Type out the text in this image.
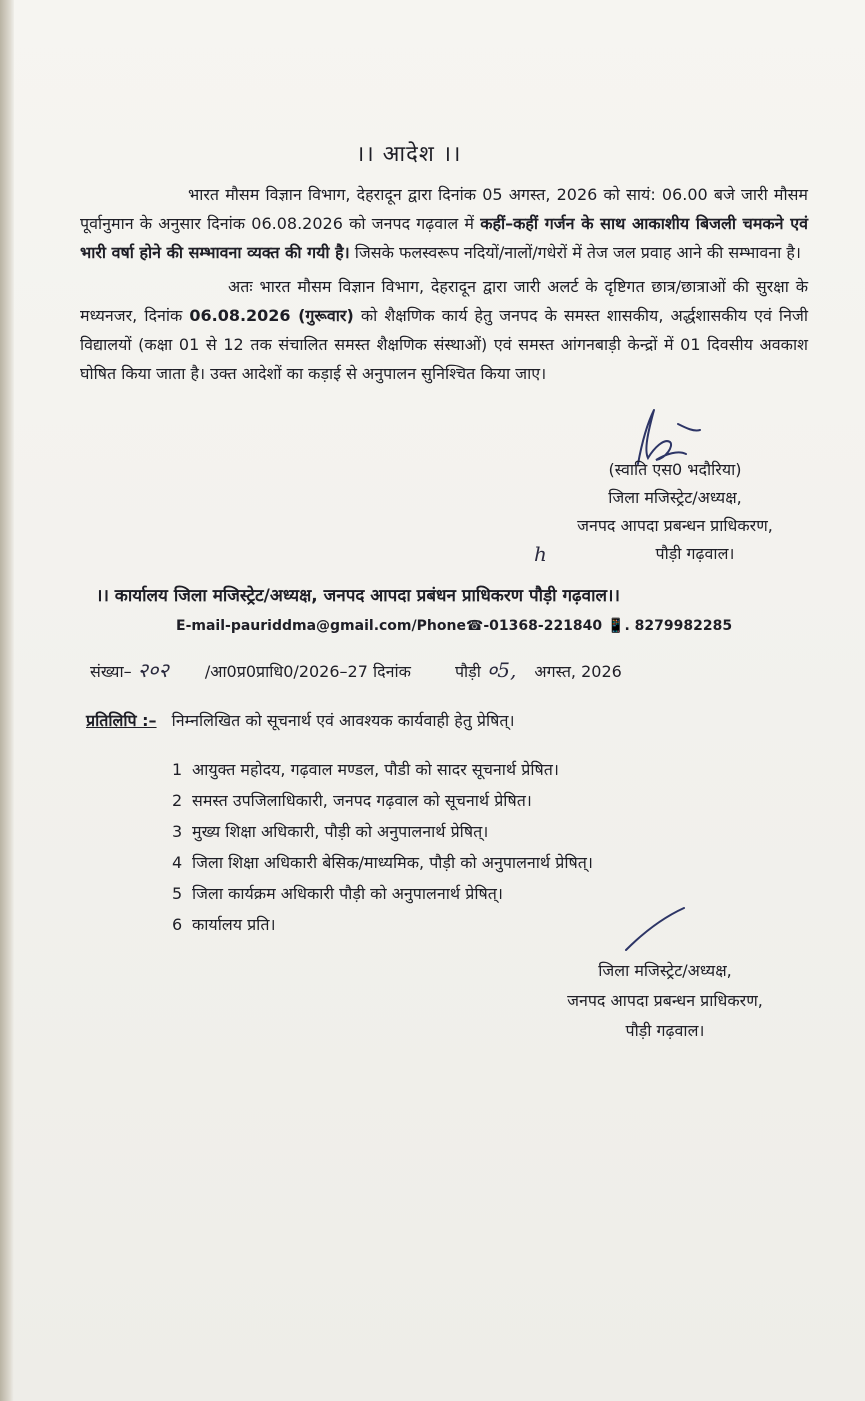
।। आदेश ।।
भारत मौसम विज्ञान विभाग, देहरादून द्वारा दिनांक 05 अगस्त, 2026 को सायं: 06.00 बजे जारी मौसम पूर्वानुमान के अनुसार दिनांक 06.08.2026 को जनपद गढ़वाल में कहीं–कहीं गर्जन के साथ आकाशीय बिजली चमकने एवं भारी वर्षा होने की सम्भावना व्यक्त की गयी है। जिसके फलस्वरूप नदियों/नालों/गधेरों में तेज जल प्रवाह आने की सम्भावना है।
अतः भारत मौसम विज्ञान विभाग, देहरादून द्वारा जारी अलर्ट के दृष्टिगत छात्र/छात्राओं की सुरक्षा के मध्यनजर, दिनांक 06.08.2026 (गुरूवार) को शैक्षणिक कार्य हेतु जनपद के समस्त शासकीय, अर्द्धशासकीय एवं निजी विद्यालयों (कक्षा 01 से 12 तक संचालित समस्त शैक्षणिक संस्थाओं) एवं समस्त आंगनबाड़ी केन्द्रों में 01 दिवसीय अवकाश घोषित किया जाता है। उक्त आदेशों का कड़ाई से अनुपालन सुनिश्चित किया जाए।
(स्वाति एस0 भदौरिया)
जिला मजिस्ट्रेट/अध्यक्ष,
जनपद आपदा प्रबन्धन प्राधिकरण,
h	पौड़ी गढ़वाल।
।। कार्यालय जिला मजिस्ट्रेट/अध्यक्ष, जनपद आपदा प्रबंधन प्राधिकरण पौड़ी गढ़वाल।।
E-mail-pauriddma@gmail.com/Phone☎-01368-221840 📱. 8279982285
संख्या– २०२ /आ0प्र0प्राधि0/2026–27 दिनांक	पौड़ी ०5, अगस्त, 2026
प्रतिलिपि :– निम्नलिखित को सूचनार्थ एवं आवश्यक कार्यवाही हेतु प्रेषित्।
1 आयुक्त महोदय, गढ़वाल मण्डल, पौडी को सादर सूचनार्थ प्रेषित।
2 समस्त उपजिलाधिकारी, जनपद गढ़वाल को सूचनार्थ प्रेषित।
3 मुख्य शिक्षा अधिकारी, पौड़ी को अनुपालनार्थ प्रेषित्।
4 जिला शिक्षा अधिकारी बेसिक/माध्यमिक, पौड़ी को अनुपालनार्थ प्रेषित्।
5 जिला कार्यक्रम अधिकारी पौड़ी को अनुपालनार्थ प्रेषित्।
6 कार्यालय प्रति।
जिला मजिस्ट्रेट/अध्यक्ष,
जनपद आपदा प्रबन्धन प्राधिकरण,
पौड़ी गढ़वाल।
